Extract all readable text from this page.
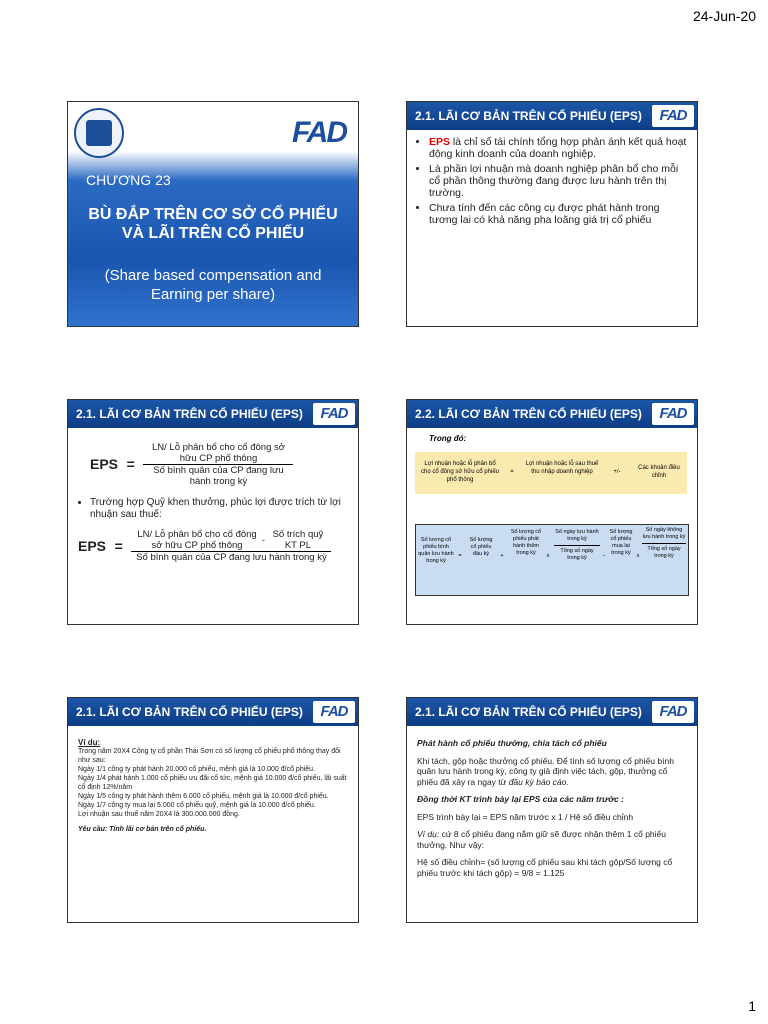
24-Jun-20
FAD
CHƯƠNG 23
BÙ ĐẮP TRÊN CƠ SỞ CỔ PHIẾU VÀ LÃI TRÊN CỔ PHIẾU
(Share based compensation and Earning per share)
2.1. LÃI CƠ BẢN TRÊN CỔ PHIẾU (EPS)	FAD
• EPS là chỉ số tài chính tổng hợp phản ánh kết quả hoạt động kinh doanh của doanh nghiệp.
• Là phần lợi nhuận mà doanh nghiệp phân bổ cho mỗi cổ phần thông thường đang được lưu hành trên thị trường.
• Chưa tính đến các công cụ được phát hành trong tương lai có khả năng pha loãng giá trị cổ phiếu
2.1. LÃI CƠ BẢN TRÊN CỔ PHIẾU (EPS)	FAD
EPS = $\frac{\text{LN/ Lỗ phân bổ cho cổ đông sở hữu CP phổ thông}}{\text{Số bình quân của CP đang lưu hành trong kỳ}}$
• Trường hợp Quỹ khen thưởng, phúc lợi được trích từ lợi nhuận sau thuế:
EPS =
LN/ Lỗ phân bổ cho cổ đông sở hữu CP phổ thông	- Số trích quỹ KT PL
Số bình quân của CP đang lưu hành trong kỳ
2.2. LÃI CƠ BẢN TRÊN CỔ PHIẾU (EPS)	FAD
Trong đó:
Lợi nhuận hoặc lỗ phân bổ cho cổ đông sở hữu cổ phiếu phổ thông
=
Lợi nhuận hoặc lỗ sau thuế thu nhập doanh nghiệp	+/-
Các khoản điều chỉnh
Số lượng cổ phiếu bình quân lưu hành trong kỳ
=
Số lượng cổ phiếu đầu kỳ	+
Số lượng cổ phiếu phát hành thêm trong kỳ	x
Số ngày lưu hành trong kỳ
Tổng số ngày trong kỳ	−
Số lượng cổ phiếu mua lại trong kỳ	x
Số ngày không lưu hành trong kỳ
Tổng số ngày trong kỳ
2.1. LÃI CƠ BẢN TRÊN CỔ PHIẾU (EPS)	FAD
Ví dụ:
Trong năm 20X4 Công ty cổ phần Thái Sơn có số lượng cổ phiếu phổ thông thay đổi như sau:
Ngày 1/1 công ty phát hành 20.000 cổ phiếu, mệnh giá là 10.000 đ/cổ phiếu.
Ngày 1/4 phát hành 1.000 cổ phiếu ưu đãi cổ tức, mệnh giá 10.000 đ/cổ phiếu, lãi suất cổ định 12%/năm
Ngày 1/5 công ty phát hành thêm 6.000 cổ phiếu, mệnh giá là 10.000 đ/cổ phiếu.
Ngày 1/7 công ty mua lại 5.000 cổ phiếu quỹ, mệnh giá là 10.000 đ/cổ phiếu.
Lợi nhuận sau thuế năm 20X4 là 300.000.000 đồng.
Yêu cầu: Tính lãi cơ bản trên cổ phiếu.
2.1. LÃI CƠ BẢN TRÊN CỔ PHIẾU (EPS)	FAD

Phát hành cổ phiếu thưởng, chia tách cổ phiếu

Khi tách, gộp hoặc thưởng cổ phiếu. Để tính số lượng cổ phiếu bình quân lưu hành trong kỳ, công ty giả định việc tách, gộp, thưởng cổ phiếu đã xảy ra ngay từ đầu kỳ báo cáo.

Đồng thời KT trình bày lại EPS của các năm trước :

EPS trình bày lại = EPS năm trước x 1 / Hệ số điều chỉnh

Ví dụ: cứ 8 cổ phiếu đang nắm giữ sẽ được nhận thêm 1 cổ phiếu thưởng. Như vậy:

Hệ số điều chỉnh= (số lượng cổ phiếu sau khi tách gộp/Số lượng cổ phiếu trước khi tách gộp) = 9/8 = 1.125

1
